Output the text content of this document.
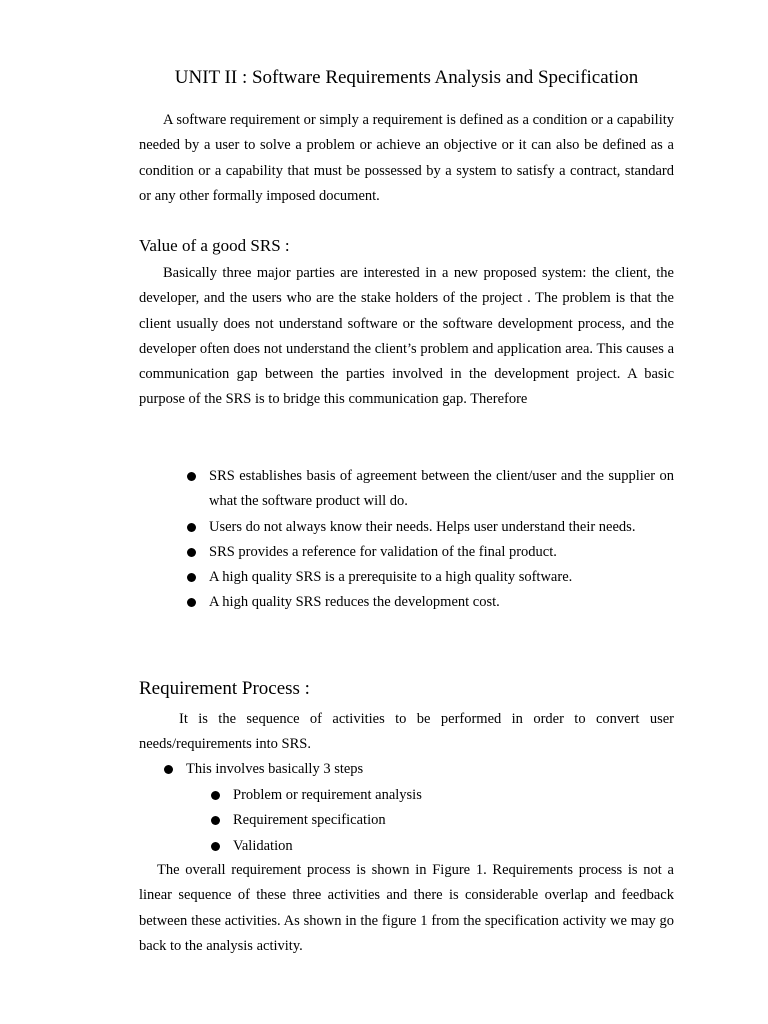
UNIT II : Software Requirements Analysis and Specification

A software requirement or simply a requirement is defined as a condition or a capability needed by a user to solve a problem or achieve an objective or it can also be defined as a condition or a capability that must be possessed by a system to satisfy a contract, standard or any other formally imposed document.

Value of a good SRS :

Basically three major parties are interested in a new proposed system: the client, the developer, and the users who are the stake holders of the project . The problem is that the client usually does not understand software or the software development process, and the developer often does not understand the client’s problem and application area. This causes a communication gap between the parties involved in the development project. A basic purpose of the SRS is to bridge this communication gap. Therefore

SRS establishes basis of agreement between the client/user and the supplier on what the software product will do.
Users do not always know their needs. Helps user understand their needs.
SRS provides a reference for validation of the final product.
A high quality SRS is a prerequisite to a high quality software.
A high quality SRS reduces the development cost.
Requirement Process :

It is the sequence of activities to be performed in order to convert user needs/requirements into SRS.

This involves basically 3 steps
Problem or requirement analysis
Requirement specification
Validation

The overall requirement process is shown in Figure 1. Requirements process is not a linear sequence of these three activities and there is considerable overlap and feedback between these activities. As shown in the figure 1 from the specification activity we may go back to the analysis activity.
